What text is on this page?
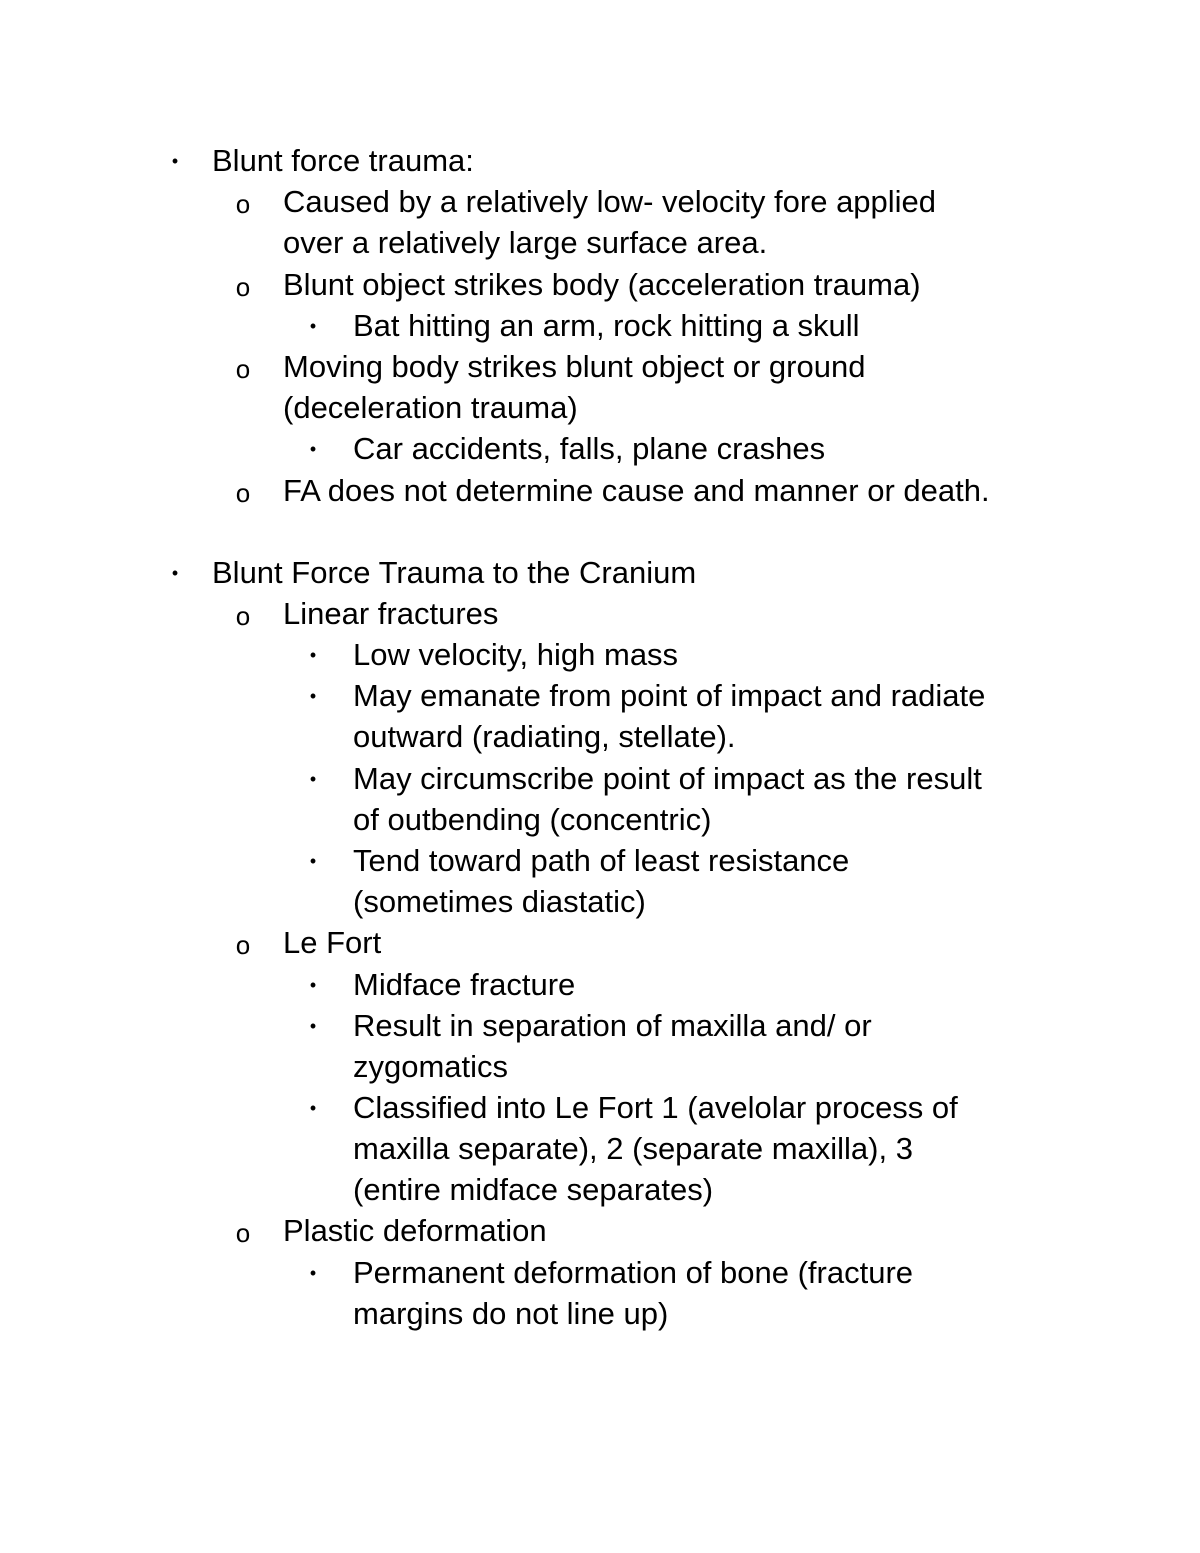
•	Blunt force trauma:
o Caused by a relatively low- velocity fore applied
over a relatively large surface area.
o Blunt object strikes body (acceleration trauma)
•	Bat hitting an arm, rock hitting a skull
o Moving body strikes blunt object or ground
(deceleration trauma)
•	Car accidents, falls, plane crashes
o FA does not determine cause and manner or death.
•	Blunt Force Trauma to the Cranium
o Linear fractures
•	Low velocity, high mass
•	May emanate from point of impact and radiate
outward (radiating, stellate).
•	May circumscribe point of impact as the result
of outbending (concentric)
•	Tend toward path of least resistance
(sometimes diastatic)
o Le Fort
•	Midface fracture
•	Result in separation of maxilla and/ or
zygomatics
•	Classified into Le Fort 1 (avelolar process of
maxilla separate), 2 (separate maxilla), 3
(entire midface separates)
o Plastic deformation
•	Permanent deformation of bone (fracture
margins do not line up)
